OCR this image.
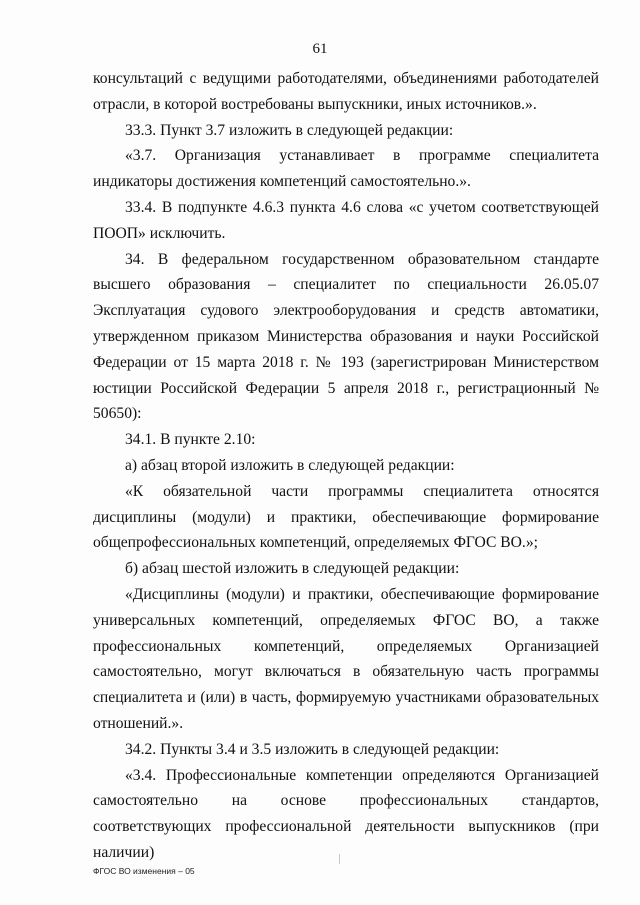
61

консультаций с ведущими работодателями, объединениями работодателей отрасли, в которой востребованы выпускники, иных источников.».

33.3. Пункт 3.7 изложить в следующей редакции:

«3.7. Организация устанавливает в программе специалитета индикаторы достижения компетенций самостоятельно.».

33.4. В подпункте 4.6.3 пункта 4.6 слова «с учетом соответствующей ПООП» исключить.

34. В федеральном государственном образовательном стандарте высшего образования – специалитет по специальности 26.05.07 Эксплуатация судового электрооборудования и средств автоматики, утвержденном приказом Министерства образования и науки Российской Федерации от 15 марта 2018 г. № 193 (зарегистрирован Министерством юстиции Российской Федерации 5 апреля 2018 г., регистрационный № 50650):

34.1. В пункте 2.10:

а) абзац второй изложить в следующей редакции:

«К обязательной части программы специалитета относятся дисциплины (модули) и практики, обеспечивающие формирование общепрофессиональных компетенций, определяемых ФГОС ВО.»;

б) абзац шестой изложить в следующей редакции:

«Дисциплины (модули) и практики, обеспечивающие формирование универсальных компетенций, определяемых ФГОС ВО, а также профессиональных компетенций, определяемых Организацией самостоятельно, могут включаться в обязательную часть программы специалитета и (или) в часть, формируемую участниками образовательных отношений.».

34.2. Пункты 3.4 и 3.5 изложить в следующей редакции:

«3.4. Профессиональные компетенции определяются Организацией самостоятельно на основе профессиональных стандартов, соответствующих профессиональной деятельности выпускников (при наличии)

ФГОС ВО изменения – 05
